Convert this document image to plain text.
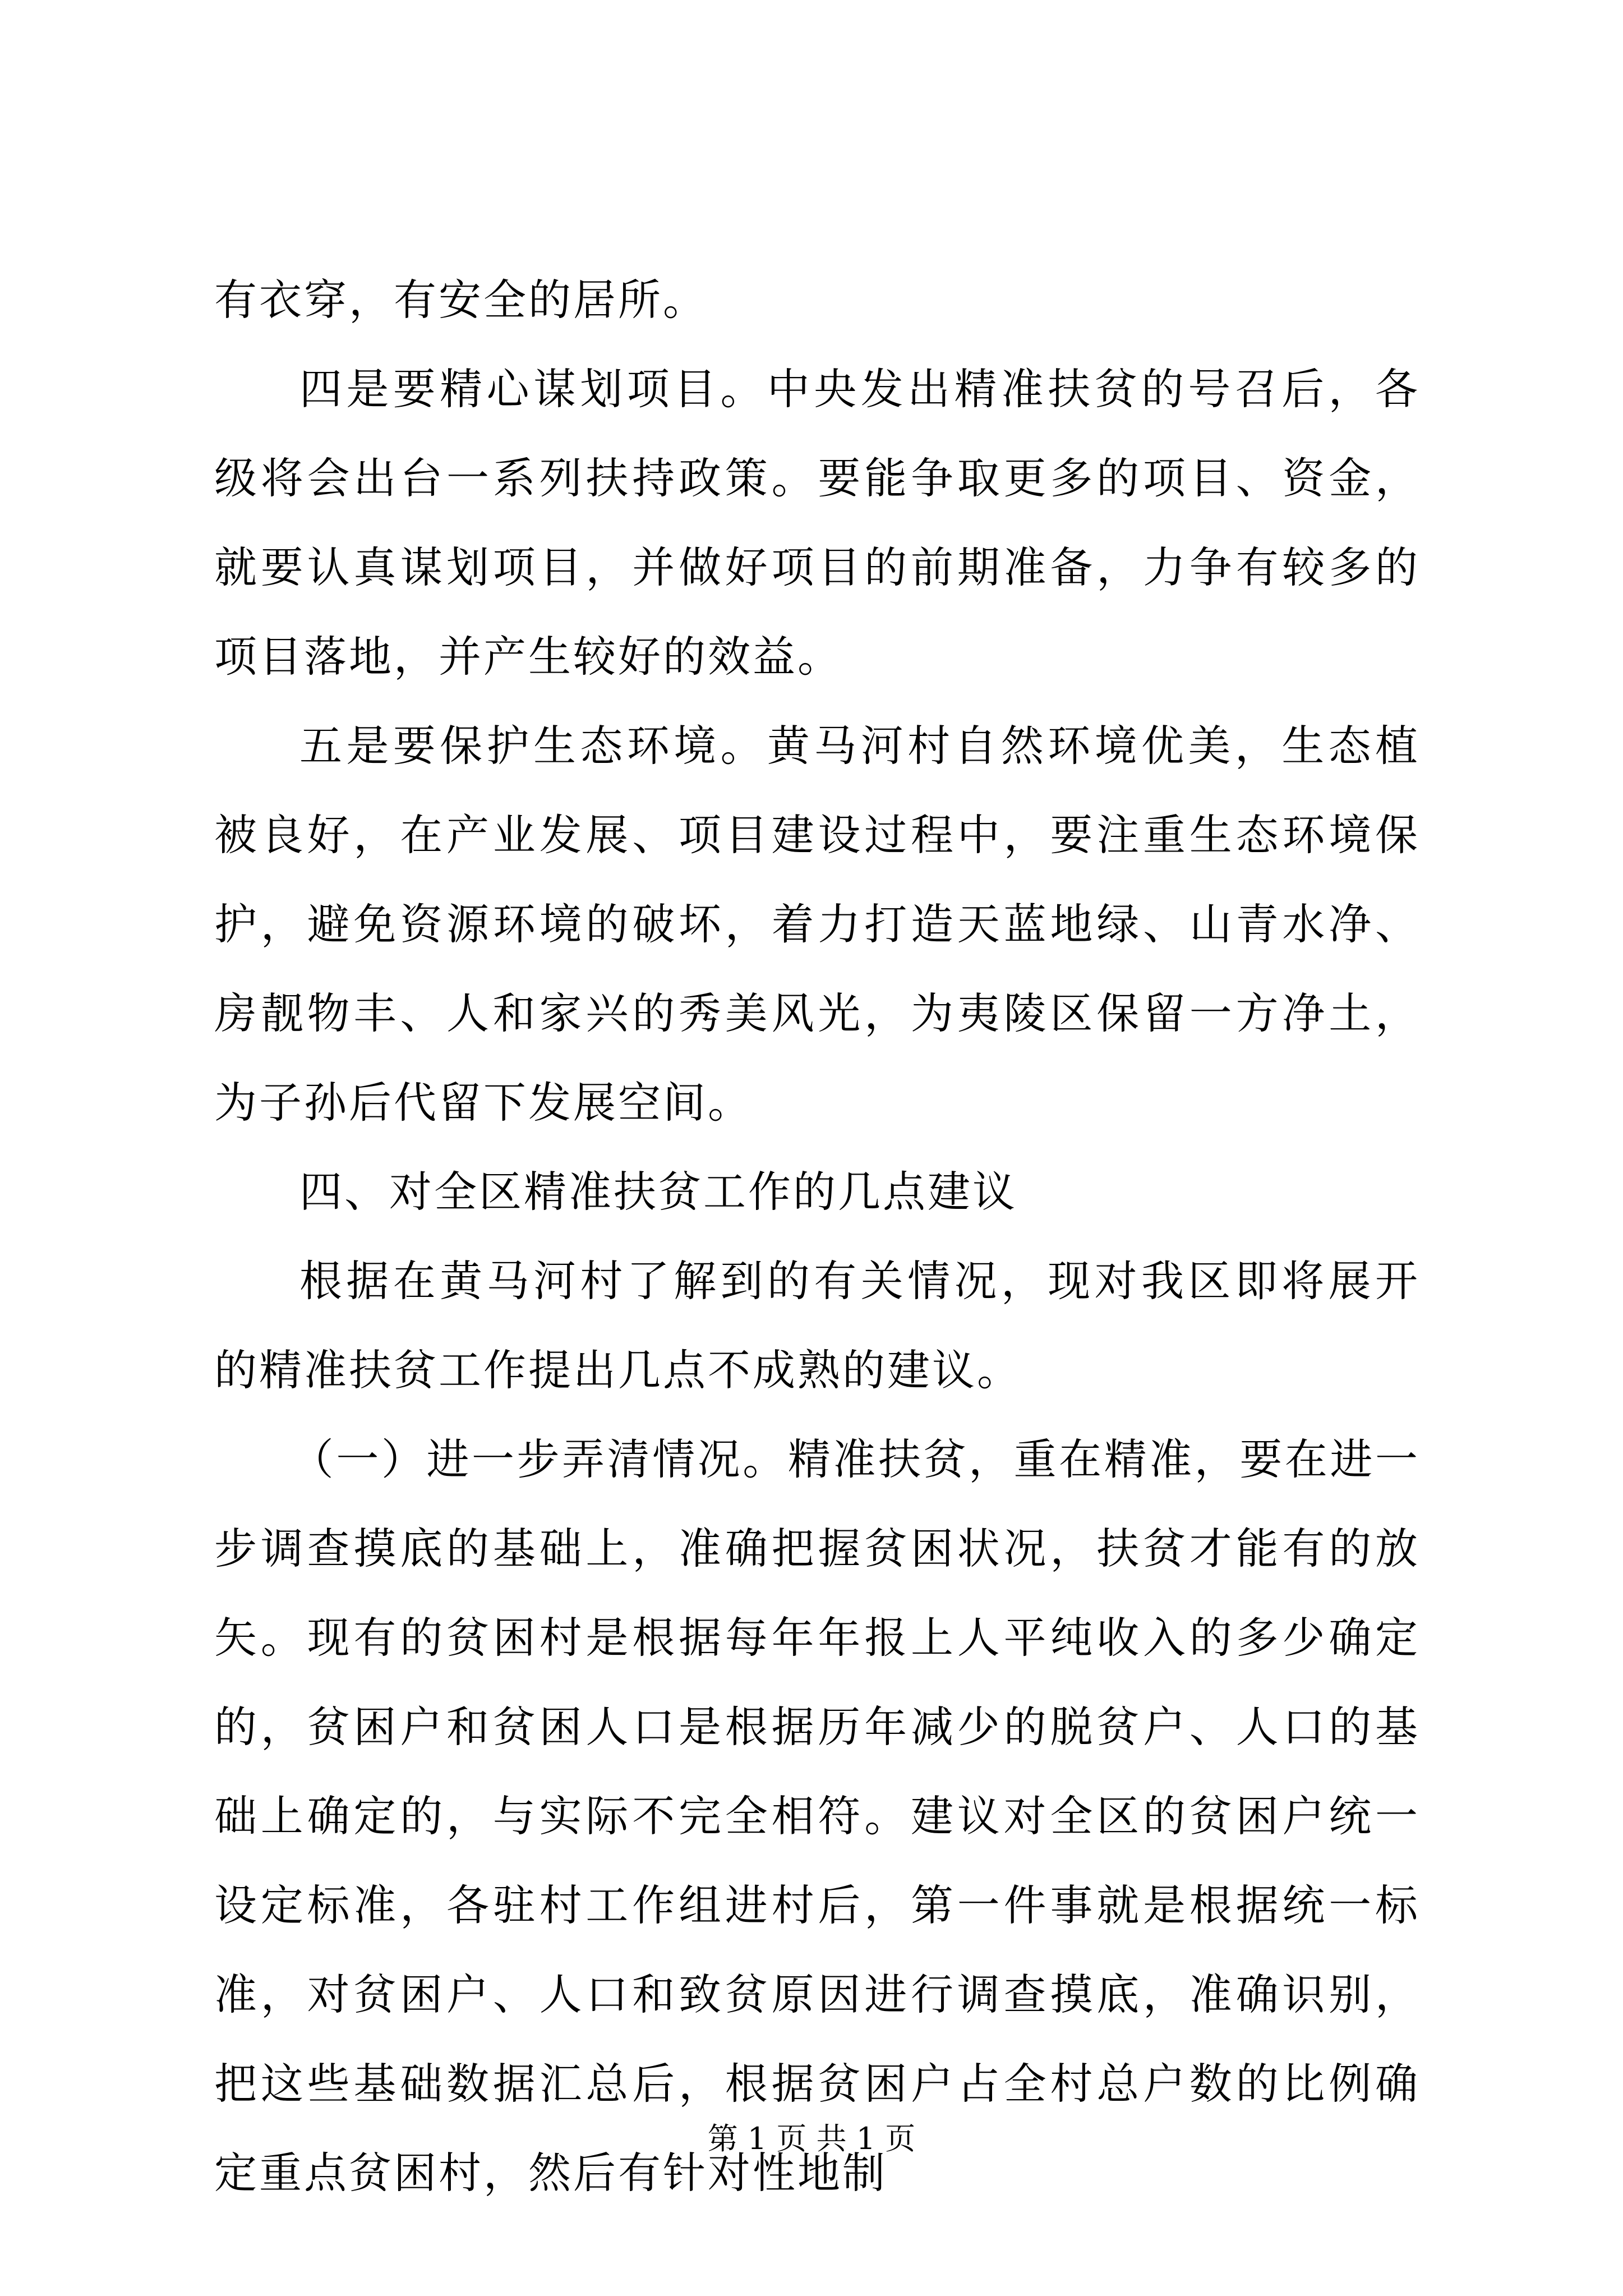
有衣穿，有安全的居所。

四是要精心谋划项目。中央发出精准扶贫的号召后，各级将会出台一系列扶持政策。要能争取更多的项目、资金，就要认真谋划项目，并做好项目的前期准备，力争有较多的项目落地，并产生较好的效益。

五是要保护生态环境。黄马河村自然环境优美，生态植被良好，在产业发展、项目建设过程中，要注重生态环境保护，避免资源环境的破坏，着力打造天蓝地绿、山青水净、房靓物丰、人和家兴的秀美风光，为夷陵区保留一方净土，为子孙后代留下发展空间。

四、对全区精准扶贫工作的几点建议

根据在黄马河村了解到的有关情况，现对我区即将展开的精准扶贫工作提出几点不成熟的建议。

（一）进一步弄清情况。精准扶贫，重在精准，要在进一步调查摸底的基础上，准确把握贫困状况，扶贫才能有的放矢。现有的贫困村是根据每年年报上人平纯收入的多少确定的，贫困户和贫困人口是根据历年减少的脱贫户、人口的基础上确定的，与实际不完全相符。建议对全区的贫困户统一设定标准，各驻村工作组进村后，第一件事就是根据统一标准，对贫困户、人口和致贫原因进行调查摸底，准确识别，把这些基础数据汇总后，根据贫困户占全村总户数的比例确定重点贫困村，然后有针对性地制

第 1 页 共 1 页
